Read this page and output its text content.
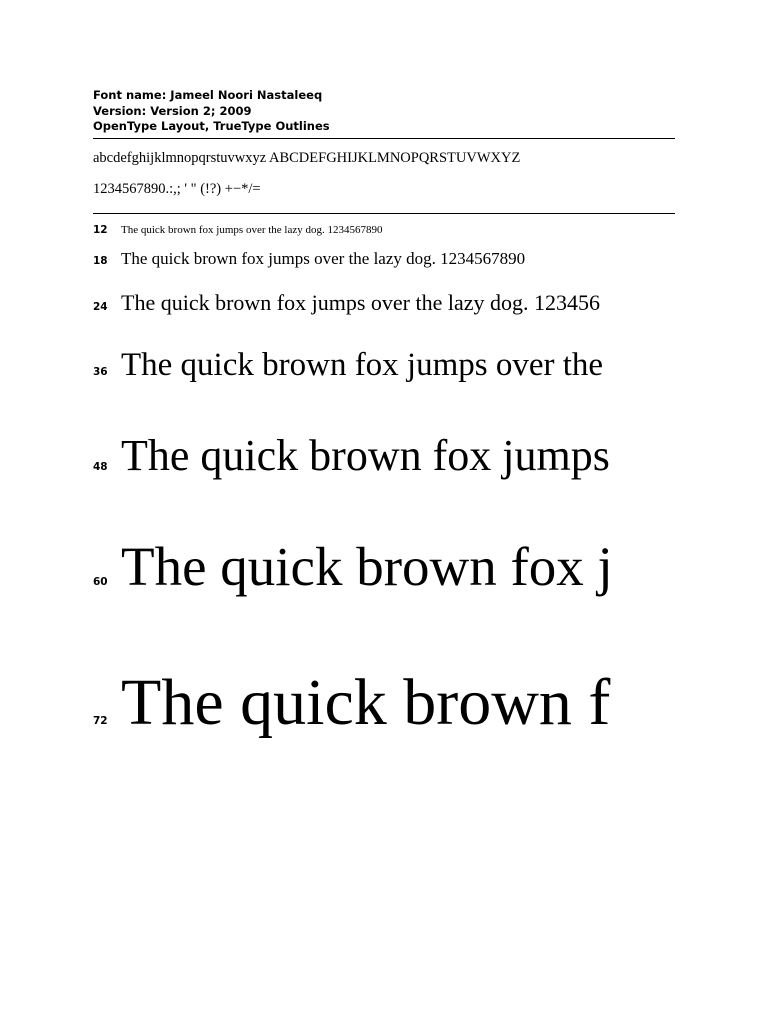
Font name: Jameel Noori Nastaleeq
Version: Version 2; 2009
OpenType Layout, TrueType Outlines
abcdefghijklmnopqrstuvwxyz ABCDEFGHIJKLMNOPQRSTUVWXYZ
1234567890.:,; ' " (!?) +−*/=
12 The quick brown fox jumps over the lazy dog. 1234567890
18 The quick brown fox jumps over the lazy dog. 1234567890
24 The quick brown fox jumps over the lazy dog. 123456
36 The quick brown fox jumps over the
48 The quick brown fox jumps
60 The quick brown fox j
72 The quick brown f
